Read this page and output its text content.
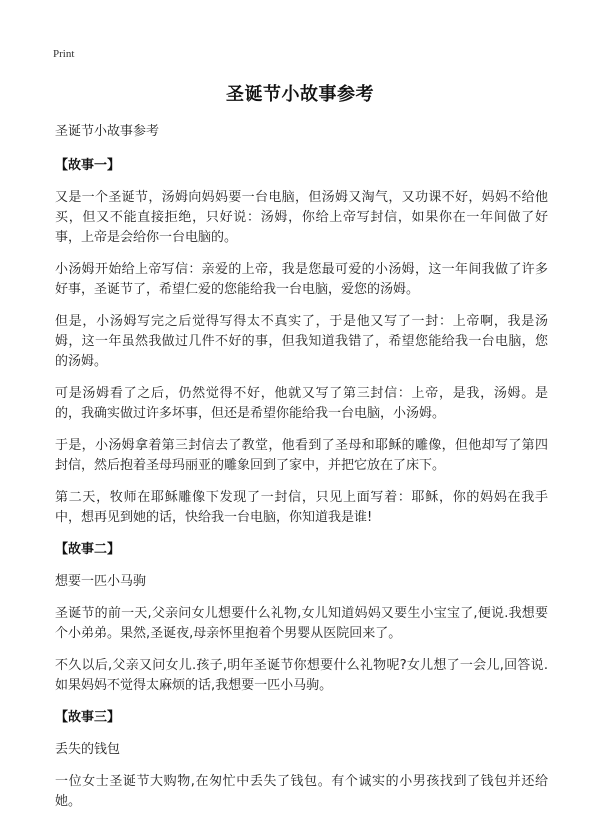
Print
圣诞节小故事参考
圣诞节小故事参考
【故事一】
又是一个圣诞节，汤姆向妈妈要一台电脑，但汤姆又淘气，又功课不好，妈妈不给他买，但又不能直接拒绝，只好说：汤姆，你给上帝写封信，如果你在一年间做了好事，上帝是会给你一台电脑的。
小汤姆开始给上帝写信：亲爱的上帝，我是您最可爱的小汤姆，这一年间我做了许多好事，圣诞节了，希望仁爱的您能给我一台电脑，爱您的汤姆。
但是，小汤姆写完之后觉得写得太不真实了，于是他又写了一封：上帝啊，我是汤姆，这一年虽然我做过几件不好的事，但我知道我错了，希望您能给我一台电脑，您的汤姆。
可是汤姆看了之后，仍然觉得不好，他就又写了第三封信：上帝，是我，汤姆。是的，我确实做过许多坏事，但还是希望你能给我一台电脑，小汤姆。
于是，小汤姆拿着第三封信去了教堂，他看到了圣母和耶稣的雕像，但他却写了第四封信，然后抱着圣母玛丽亚的雕象回到了家中，并把它放在了床下。
第二天，牧师在耶稣雕像下发现了一封信，只见上面写着：耶稣，你的妈妈在我手中，想再见到她的话，快给我一台电脑，你知道我是谁!
【故事二】
想要一匹小马驹
圣诞节的前一天,父亲问女儿想要什么礼物,女儿知道妈妈又要生小宝宝了,便说.我想要个小弟弟。果然,圣诞夜,母亲怀里抱着个男婴从医院回来了。
不久以后,父亲又问女儿.孩子,明年圣诞节你想要什么礼物呢?女儿想了一会儿,回答说.如果妈妈不觉得太麻烦的话,我想要一匹小马驹。
【故事三】
丢失的钱包
一位女士圣诞节大购物,在匆忙中丢失了钱包。有个诚实的小男孩找到了钱包并还给她。
